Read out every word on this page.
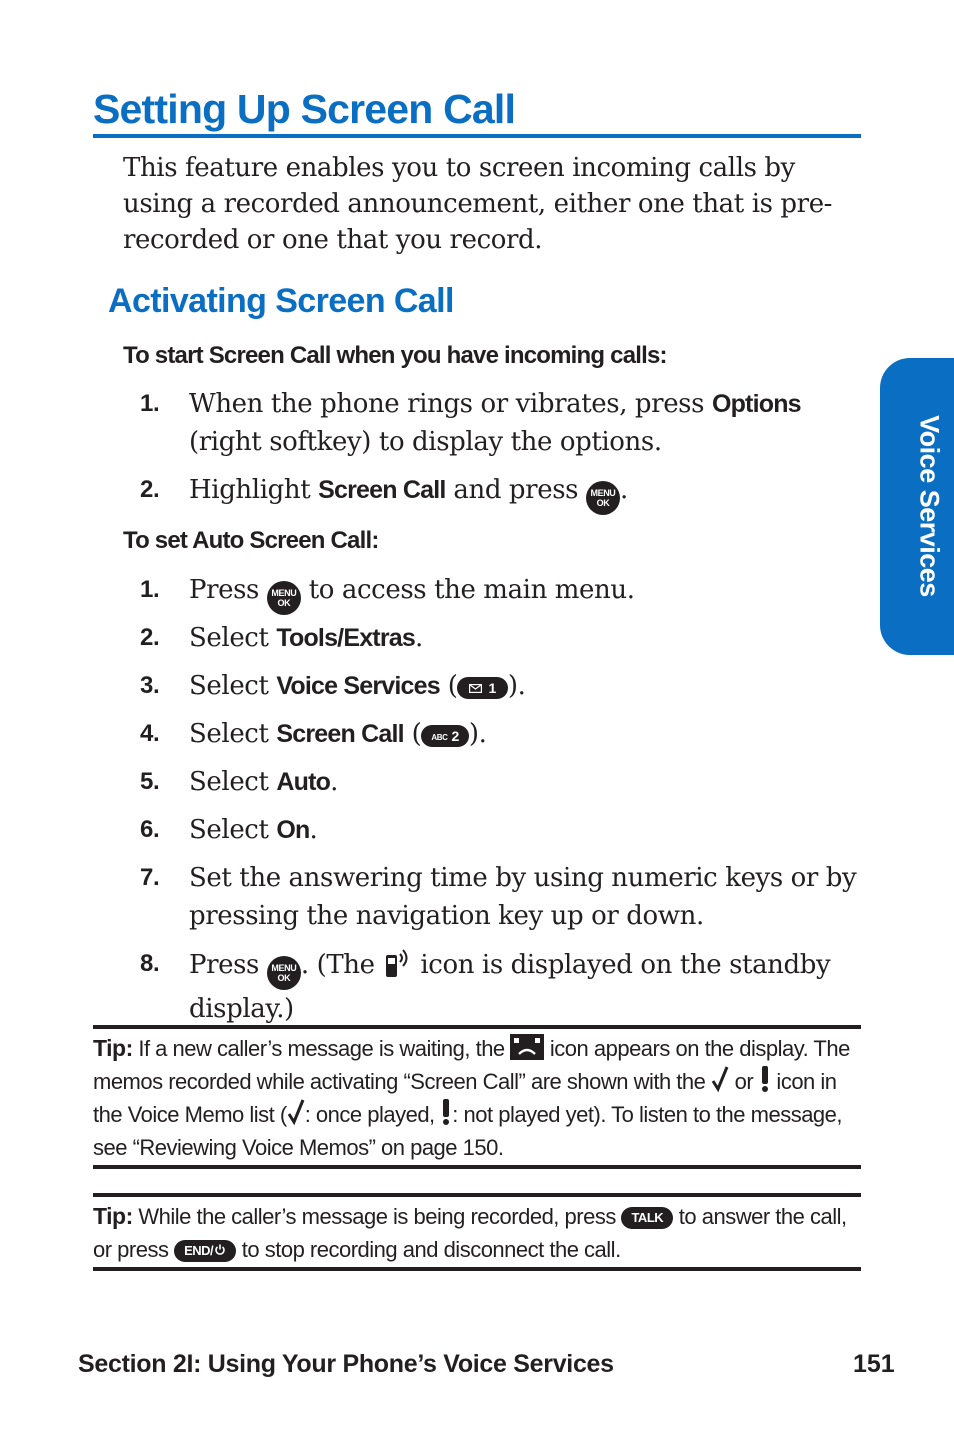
Setting Up Screen Call

This feature enables you to screen incoming calls by using a recorded announcement, either one that is pre-recorded or one that you record.

Activating Screen Call

To start Screen Call when you have incoming calls:

1.	When the phone rings or vibrates, press Options (right softkey) to display the options.
2.	Highlight Screen Call and press MENU
OK .

To set Auto Screen Call:

1.	Press MENU
OK to access the main menu.
2.	Select Tools/Extras.
3.	Select Voice Services ( 1 ).
4.	Select Screen Call ( ABC 2 ).
5.	Select Auto.
6.	Select On.
7.	Set the answering time by using numeric keys or by pressing the navigation key up or down.
8.	Press MENU
OK . (The  icon is displayed on the standby display.)

Tip: If a new caller’s message is waiting, the  icon appears on the display. The memos recorded while activating “Screen Call” are shown with the  or  icon in the Voice Memo list ( : once played, : not played yet). To listen to the message, see “Reviewing Voice Memos” on page 150.

Tip: While the caller’s message is being recorded, press TALK to answer the call, or press END/ to stop recording and disconnect the call.

Voice Services

Section 2I: Using Your Phone’s Voice Services	151
